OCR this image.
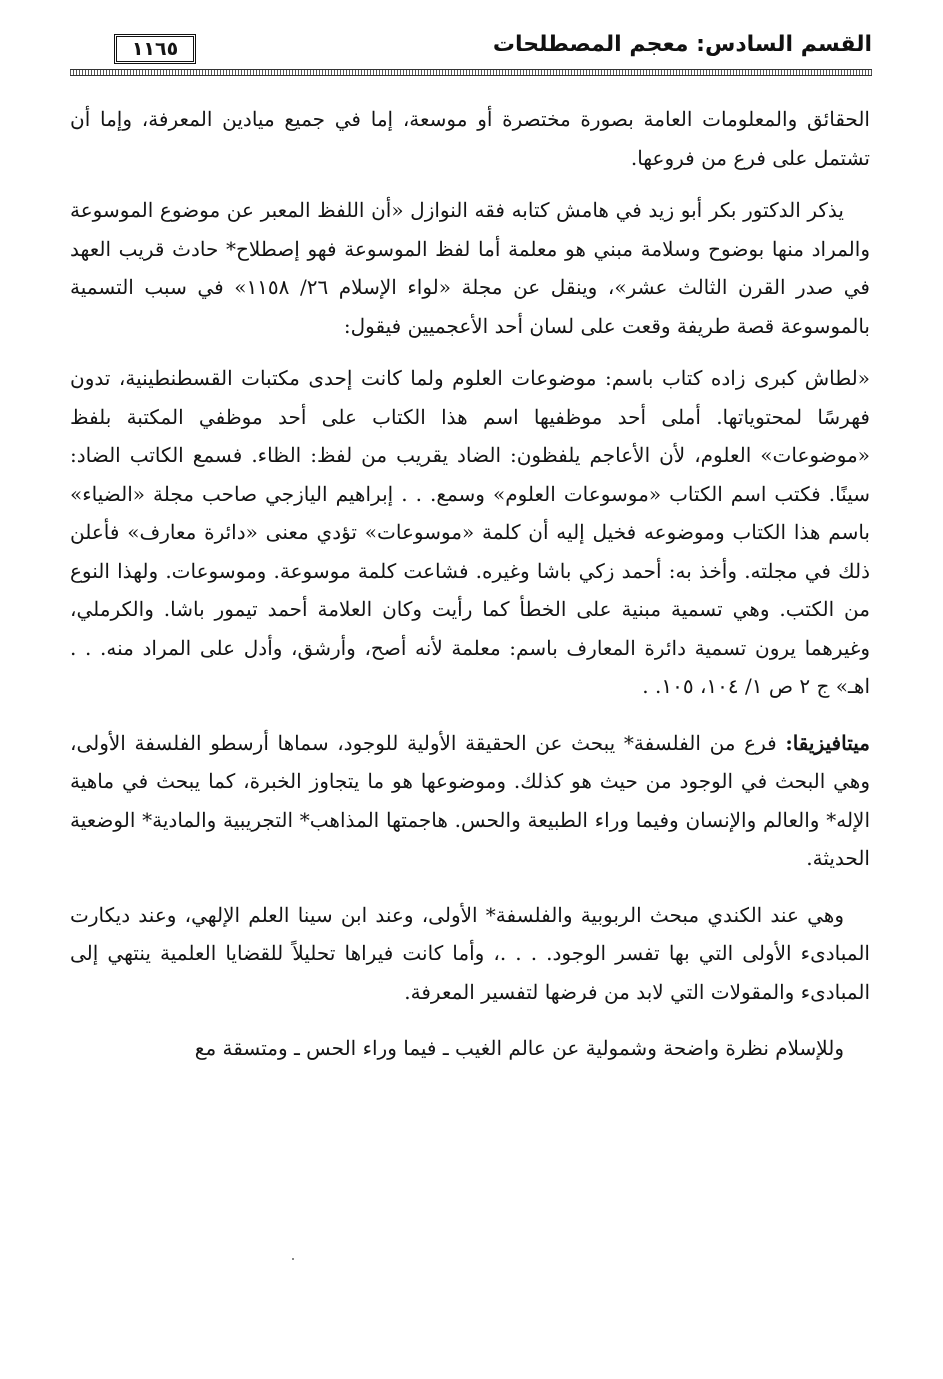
القسم السادس: معجم المصطلحات
١١٦٥

الحقائق والمعلومات العامة بصورة مختصرة أو موسعة، إما في جميع ميادين المعرفة، وإما أن تشتمل على فرع من فروعها.

يذكر الدكتور بكر أبو زيد في هامش كتابه فقه النوازل «أن اللفظ المعبر عن موضوع الموسوعة والمراد منها بوضوح وسلامة مبني هو معلمة أما لفظ الموسوعة فهو إصطلاح* حادث قريب العهد في صدر القرن الثالث عشر»، وينقل عن مجلة «لواء الإسلام ٢٦/ ١١٥٨» في سبب التسمية بالموسوعة قصة طريفة وقعت على لسان أحد الأعجميين فيقول:

«لطاش كبرى زاده كتاب باسم: موضوعات العلوم ولما كانت إحدى مكتبات القسطنطينية، تدون فهرسًا لمحتوياتها. أملى أحد موظفيها اسم هذا الكتاب على أحد موظفي المكتبة بلفظ «موضوعات» العلوم، لأن الأعاجم يلفظون: الضاد يقريب من لفظ: الظاء. فسمع الكاتب الضاد: سينًا. فكتب اسم الكتاب «موسوعات العلوم» وسمع. . . إبراهيم اليازجي صاحب مجلة «الضياء» باسم هذا الكتاب وموضوعه فخيل إليه أن كلمة «موسوعات» تؤدي معنى «دائرة معارف» فأعلن ذلك في مجلته. وأخذ به: أحمد زكي باشا وغيره. فشاعت كلمة موسوعة. وموسوعات. ولهذا النوع من الكتب. وهي تسمية مبنية على الخطأ كما رأيت وكان العلامة أحمد تيمور باشا. والكرملي، وغيرهما يرون تسمية دائرة المعارف باسم: معلمة لأنه أصح، وأرشق، وأدل على المراد منه. . . اهـ» ج ٢ ص ١/ ١٠٤، ١٠٥. .

ميتافيزيقا: فرع من الفلسفة* يبحث عن الحقيقة الأولية للوجود، سماها أرسطو الفلسفة الأولى، وهي البحث في الوجود من حيث هو كذلك. وموضوعها هو ما يتجاوز الخبرة، كما يبحث في ماهية الإله* والعالم والإنسان وفيما وراء الطبيعة والحس. هاجمتها المذاهب* التجريبية والمادية* الوضعية الحديثة.

وهي عند الكندي مبحث الربوبية والفلسفة* الأولى، وعند ابن سينا العلم الإلهي، وعند ديكارت المبادىء الأولى التي بها تفسر الوجود. . . .، وأما كانت فيراها تحليلاً للقضايا العلمية ينتهي إلى المبادىء والمقولات التي لابد من فرضها لتفسير المعرفة.

وللإسلام نظرة واضحة وشمولية عن عالم الغيب ـ فيما وراء الحس ـ ومتسقة مع
